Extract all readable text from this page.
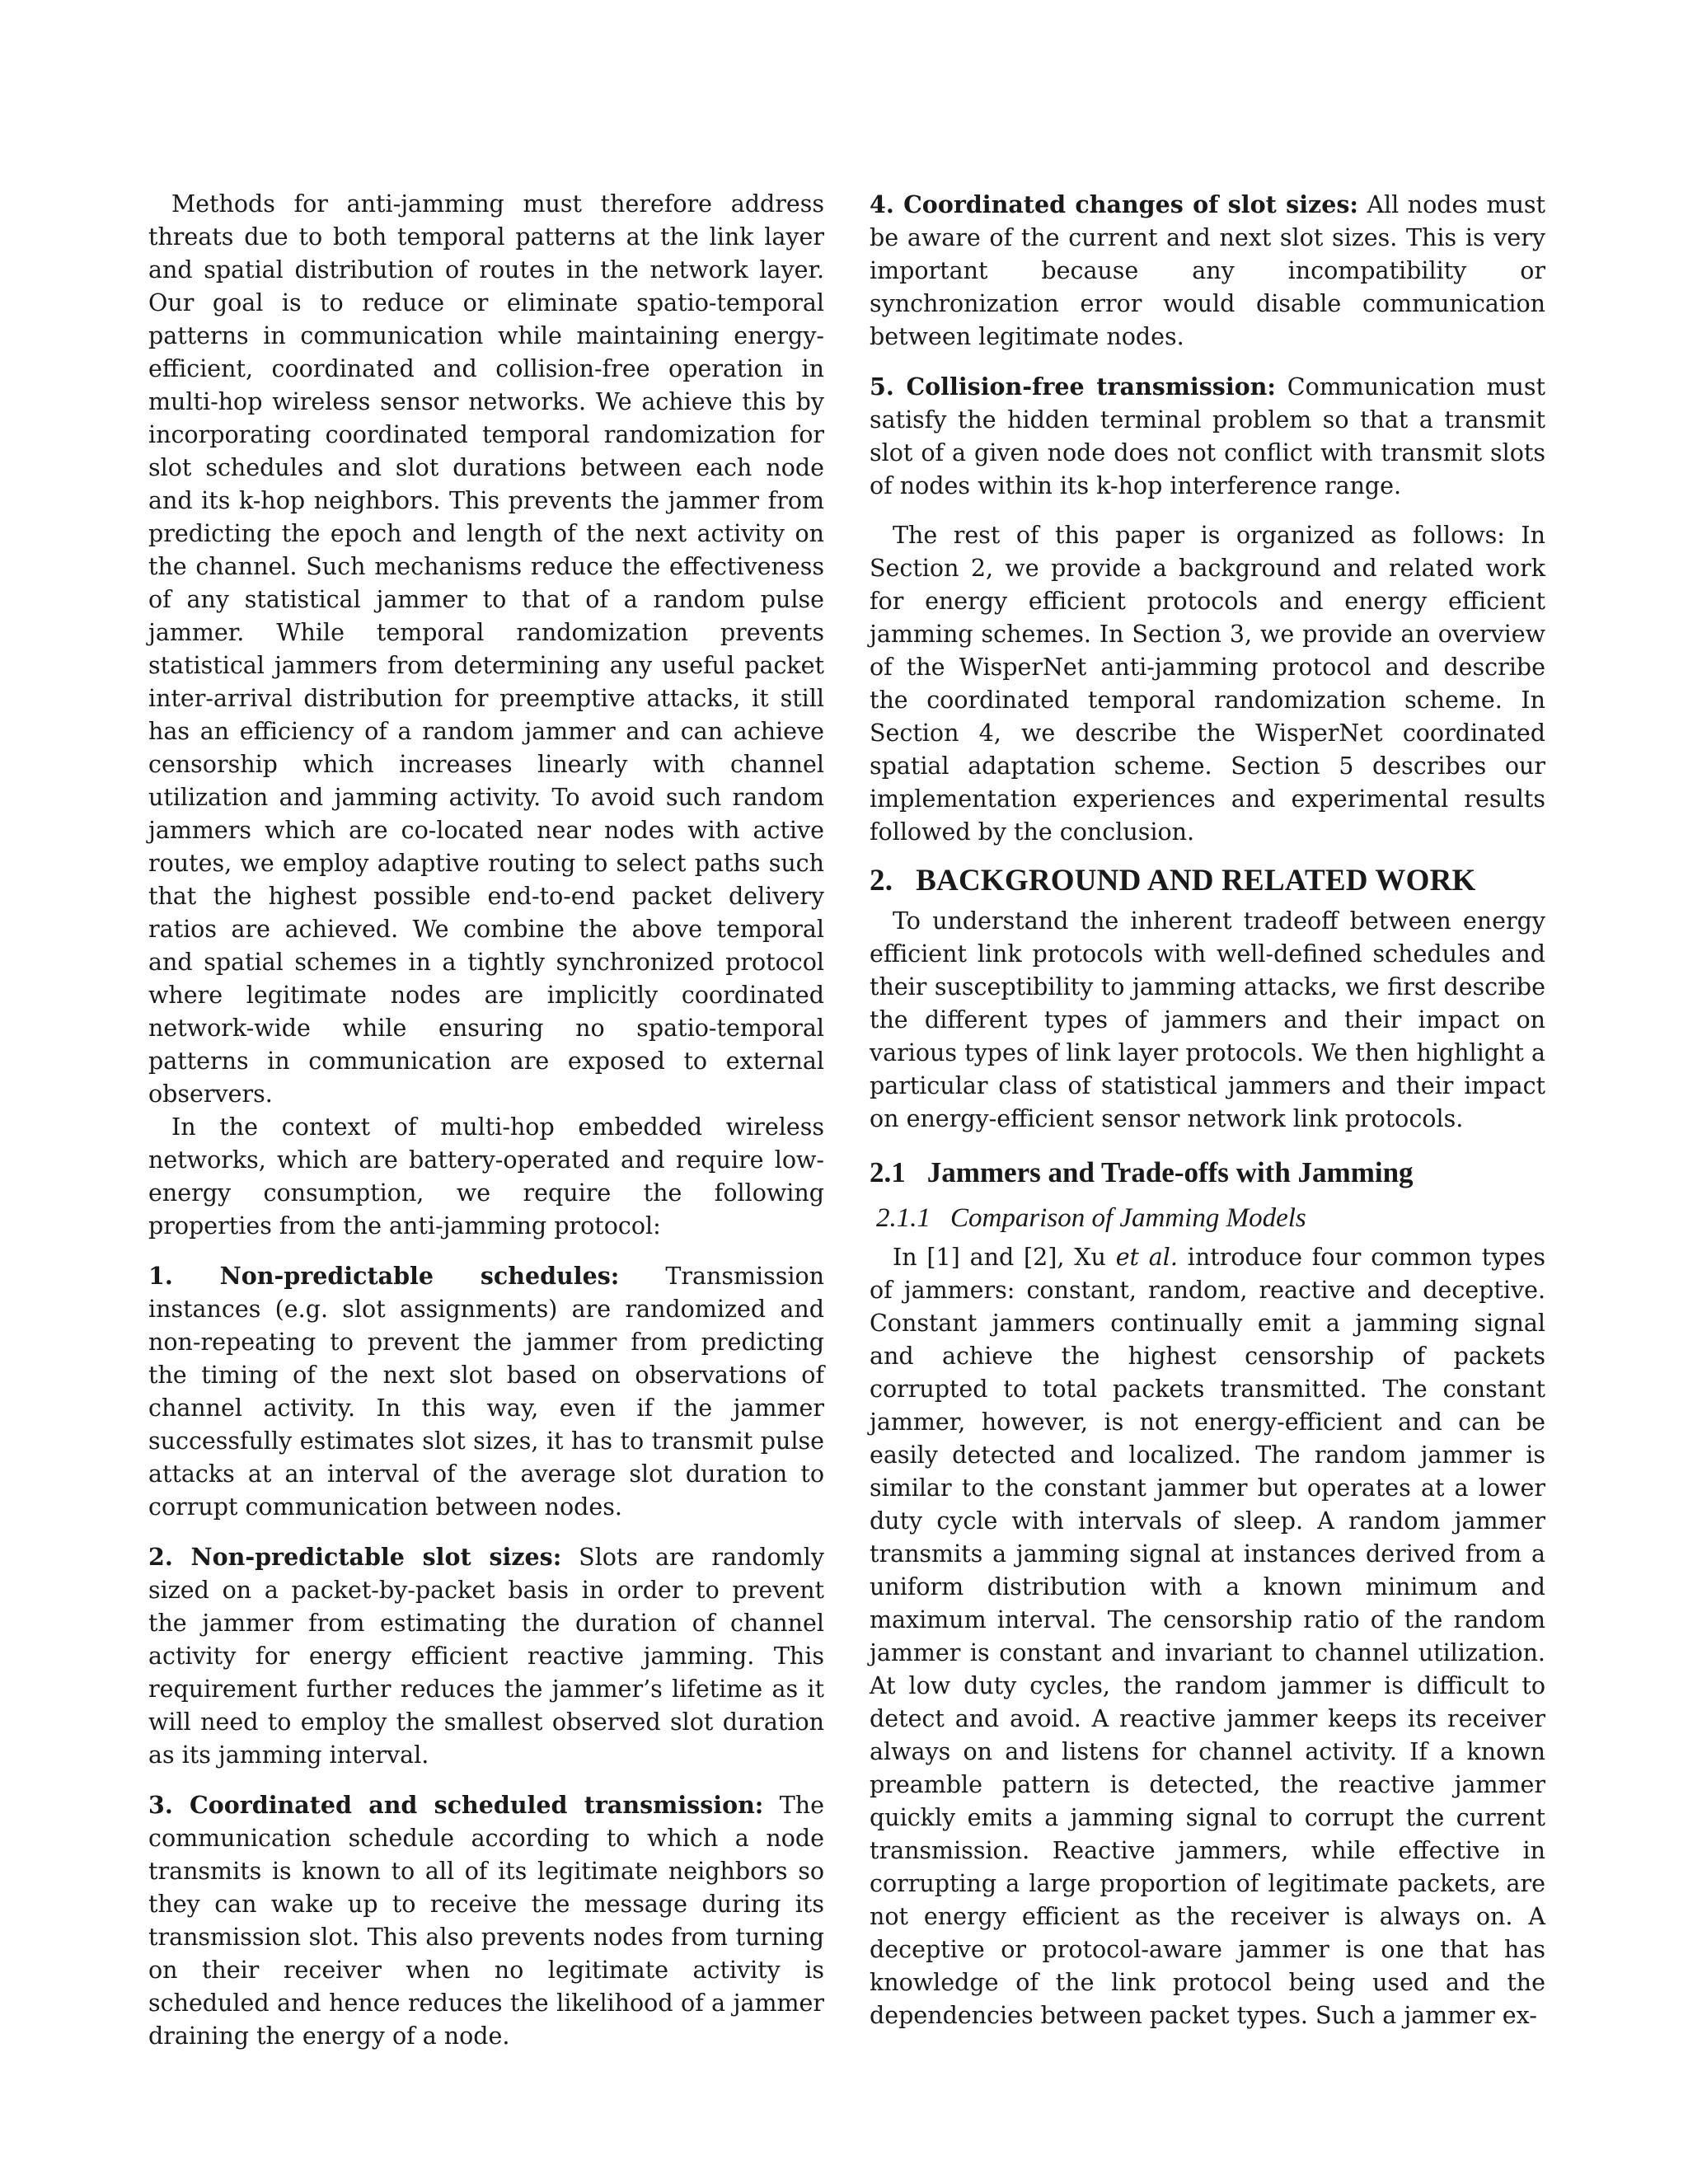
Methods for anti-jamming must therefore address threats due to both temporal patterns at the link layer and spatial distribution of routes in the network layer. Our goal is to reduce or eliminate spatio-temporal patterns in communication while maintaining energy-efficient, coordinated and collision-free operation in multi-hop wireless sensor networks. We achieve this by incorporating coordinated temporal randomization for slot schedules and slot durations between each node and its k-hop neighbors. This prevents the jammer from predicting the epoch and length of the next activity on the channel. Such mechanisms reduce the effectiveness of any statistical jammer to that of a random pulse jammer. While temporal randomization prevents statistical jammers from determining any useful packet inter-arrival distribution for preemptive attacks, it still has an efficiency of a random jammer and can achieve censorship which increases linearly with channel utilization and jamming activity. To avoid such random jammers which are co-located near nodes with active routes, we employ adaptive routing to select paths such that the highest possible end-to-end packet delivery ratios are achieved. We combine the above temporal and spatial schemes in a tightly synchronized protocol where legitimate nodes are implicitly coordinated network-wide while ensuring no spatio-temporal patterns in communication are exposed to external observers.

In the context of multi-hop embedded wireless networks, which are battery-operated and require low-energy consumption, we require the following properties from the anti-jamming protocol:

1. Non-predictable schedules: Transmission instances (e.g. slot assignments) are randomized and non-repeating to prevent the jammer from predicting the timing of the next slot based on observations of channel activity. In this way, even if the jammer successfully estimates slot sizes, it has to transmit pulse attacks at an interval of the average slot duration to corrupt communication between nodes.

2. Non-predictable slot sizes: Slots are randomly sized on a packet-by-packet basis in order to prevent the jammer from estimating the duration of channel activity for energy efficient reactive jamming. This requirement further reduces the jammer’s lifetime as it will need to employ the smallest observed slot duration as its jamming interval.

3. Coordinated and scheduled transmission: The communication schedule according to which a node transmits is known to all of its legitimate neighbors so they can wake up to receive the message during its transmission slot. This also prevents nodes from turning on their receiver when no legitimate activity is scheduled and hence reduces the likelihood of a jammer draining the energy of a node.

4. Coordinated changes of slot sizes: All nodes must be aware of the current and next slot sizes. This is very important because any incompatibility or synchronization error would disable communication between legitimate nodes.

5. Collision-free transmission: Communication must satisfy the hidden terminal problem so that a transmit slot of a given node does not conflict with transmit slots of nodes within its k-hop interference range.

The rest of this paper is organized as follows: In Section 2, we provide a background and related work for energy efficient protocols and energy efficient jamming schemes. In Section 3, we provide an overview of the WisperNet anti-jamming protocol and describe the coordinated temporal randomization scheme. In Section 4, we describe the WisperNet coordinated spatial adaptation scheme. Section 5 describes our implementation experiences and experimental results followed by the conclusion.

2. BACKGROUND AND RELATED WORK

To understand the inherent tradeoff between energy efficient link protocols with well-defined schedules and their susceptibility to jamming attacks, we first describe the different types of jammers and their impact on various types of link layer protocols. We then highlight a particular class of statistical jammers and their impact on energy-efficient sensor network link protocols.

2.1 Jammers and Trade-offs with Jamming
2.1.1 Comparison of Jamming Models

In [1] and [2], Xu et al. introduce four common types of jammers: constant, random, reactive and deceptive. Constant jammers continually emit a jamming signal and achieve the highest censorship of packets corrupted to total packets transmitted. The constant jammer, however, is not energy-efficient and can be easily detected and localized. The random jammer is similar to the constant jammer but operates at a lower duty cycle with intervals of sleep. A random jammer transmits a jamming signal at instances derived from a uniform distribution with a known minimum and maximum interval. The censorship ratio of the random jammer is constant and invariant to channel utilization. At low duty cycles, the random jammer is difficult to detect and avoid. A reactive jammer keeps its receiver always on and listens for channel activity. If a known preamble pattern is detected, the reactive jammer quickly emits a jamming signal to corrupt the current transmission. Reactive jammers, while effective in corrupting a large proportion of legitimate packets, are not energy efficient as the receiver is always on. A deceptive or protocol-aware jammer is one that has knowledge of the link protocol being used and the dependencies between packet types. Such a jammer ex-
